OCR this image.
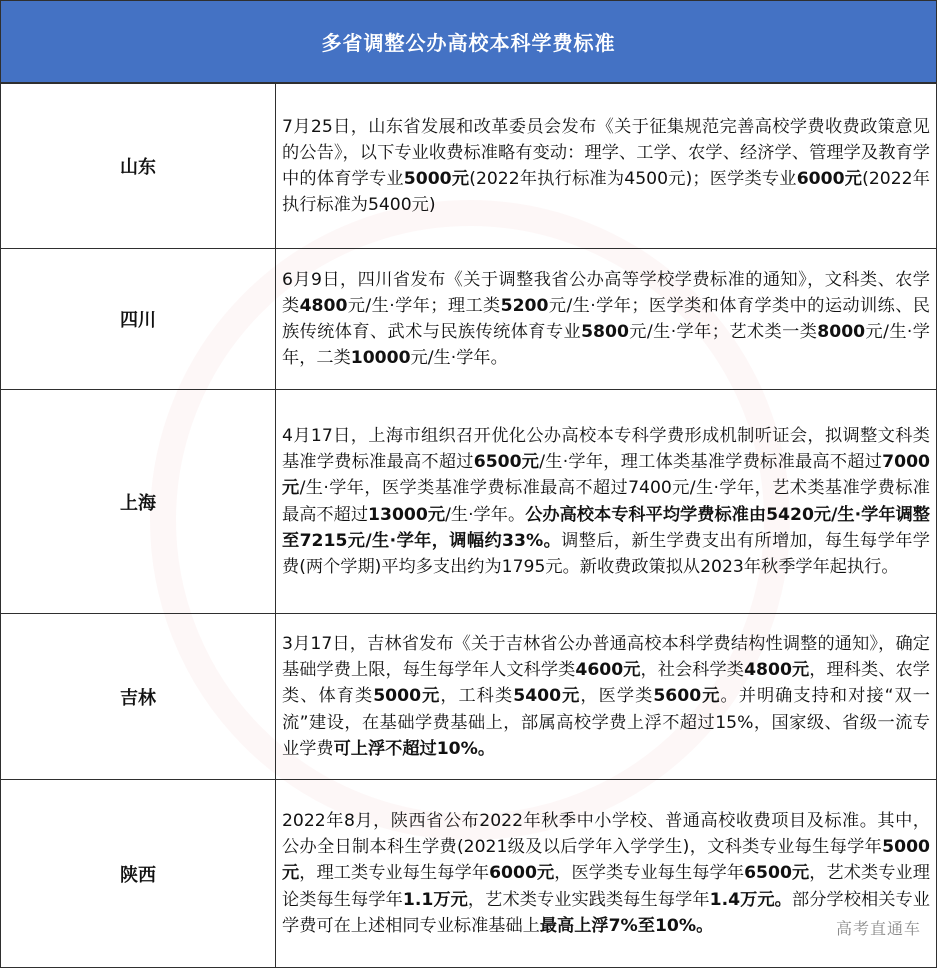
多省调整公办高校本科学费标准
山东	7月25日，山东省发展和改革委员会发布《关于征集规范完善高校学费收费政策意见的公告》，以下专业收费标准略有变动：理学、工学、农学、经济学、管理学及教育学中的体育学专业5000元(2022年执行标准为4500元)；医学类专业6000元(2022年执行标准为5400元)
四川	6月9日，四川省发布《关于调整我省公办高等学校学费标准的通知》，文科类、农学类4800元/生·学年；理工类5200元/生·学年；医学类和体育学类中的运动训练、民族传统体育、武术与民族传统体育专业5800元/生·学年；艺术类一类8000元/生·学年，二类10000元/生·学年。
上海	4月17日，上海市组织召开优化公办高校本专科学费形成机制听证会，拟调整文科类基准学费标准最高不超过6500元/生·学年，理工体类基准学费标准最高不超过7000元/生·学年，医学类基准学费标准最高不超过7400元/生·学年，艺术类基准学费标准最高不超过13000元/生·学年。公办高校本专科平均学费标准由5420元/生·学年调整至7215元/生·学年，调幅约33%。调整后，新生学费支出有所增加，每生每学年学费(两个学期)平均多支出约为1795元。新收费政策拟从2023年秋季学年起执行。
吉林	3月17日，吉林省发布《关于吉林省公办普通高校本科学费结构性调整的通知》，确定基础学费上限，每生每学年人文科学类4600元，社会科学类4800元，理科类、农学类、体育类5000元，工科类5400元，医学类5600元。并明确支持和对接“双一流”建设，在基础学费基础上，部属高校学费上浮不超过15%，国家级、省级一流专业学费可上浮不超过10%。
陕西	2022年8月，陕西省公布2022年秋季中小学校、普通高校收费项目及标准。其中，公办全日制本科生学费(2021级及以后学年入学学生)，文科类专业每生每学年5000元，理工类专业每生每学年6000元，医学类专业每生每学年6500元，艺术类专业理论类每生每学年1.1万元，艺术类专业实践类每生每学年1.4万元。部分学校相关专业学费可在上述相同专业标准基础上最高上浮7%至10%。	高考直通车
